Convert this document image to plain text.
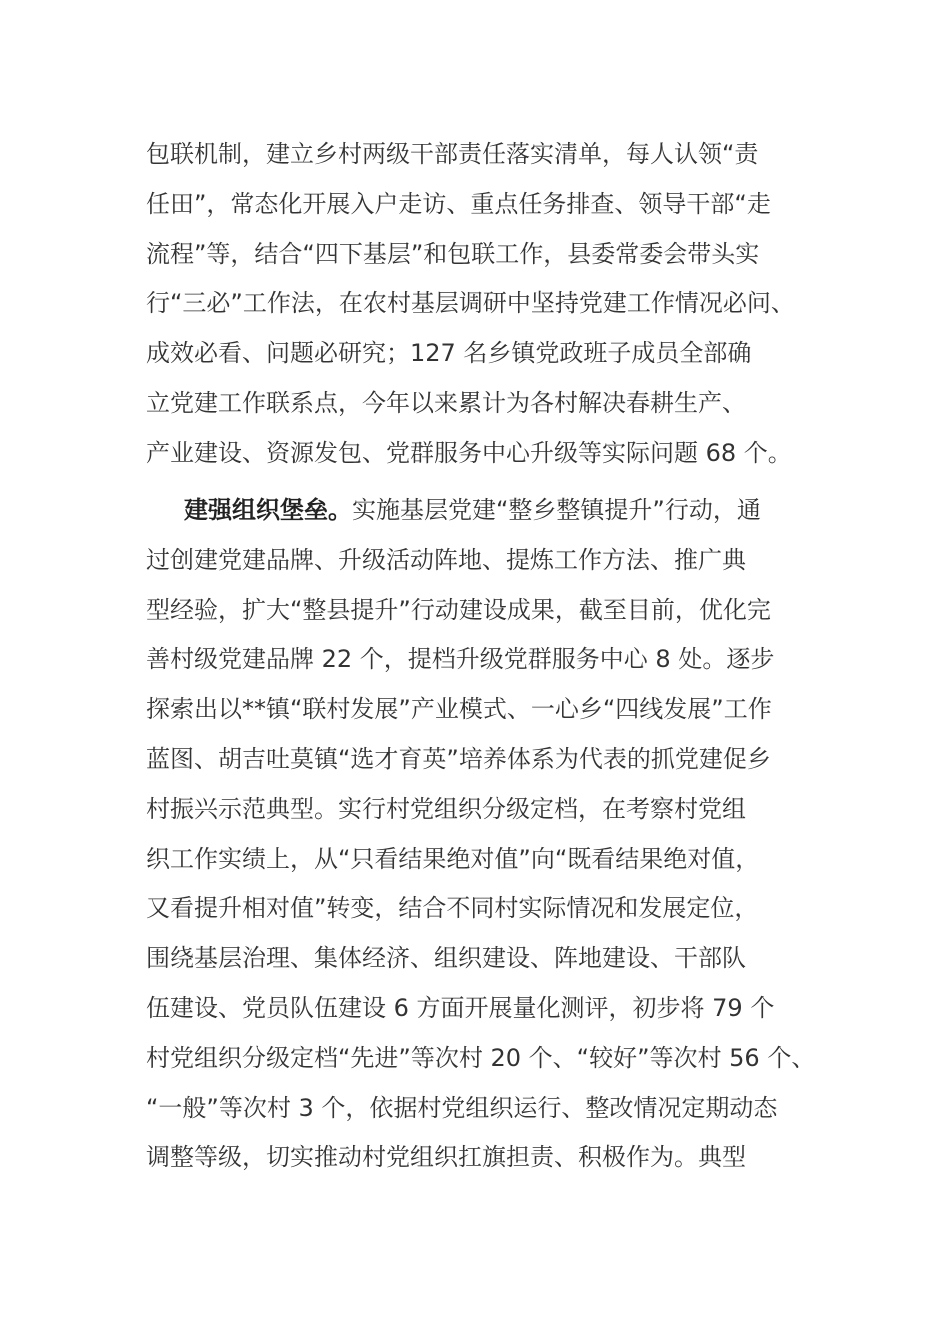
包联机制，建立乡村两级干部责任落实清单，每人认领“责
任田”，常态化开展入户走访、重点任务排查、领导干部“走
流程”等，结合“四下基层”和包联工作，县委常委会带头实
行“三必”工作法，在农村基层调研中坚持党建工作情况必问、
成效必看、问题必研究；127 名乡镇党政班子成员全部确
立党建工作联系点，今年以来累计为各村解决春耕生产、
产业建设、资源发包、党群服务中心升级等实际问题 68 个。
建强组织堡垒。实施基层党建“整乡整镇提升”行动，通
过创建党建品牌、升级活动阵地、提炼工作方法、推广典
型经验，扩大“整县提升”行动建设成果，截至目前，优化完
善村级党建品牌 22 个，提档升级党群服务中心 8 处。逐步
探索出以**镇“联村发展”产业模式、一心乡“四线发展”工作
蓝图、胡吉吐莫镇“选才育英”培养体系为代表的抓党建促乡
村振兴示范典型。实行村党组织分级定档，在考察村党组
织工作实绩上，从“只看结果绝对值”向“既看结果绝对值，
又看提升相对值”转变，结合不同村实际情况和发展定位，
围绕基层治理、集体经济、组织建设、阵地建设、干部队
伍建设、党员队伍建设 6 方面开展量化测评，初步将 79 个
村党组织分级定档“先进”等次村 20 个、“较好”等次村 56 个、
“一般”等次村 3 个，依据村党组织运行、整改情况定期动态
调整等级，切实推动村党组织扛旗担责、积极作为。典型
